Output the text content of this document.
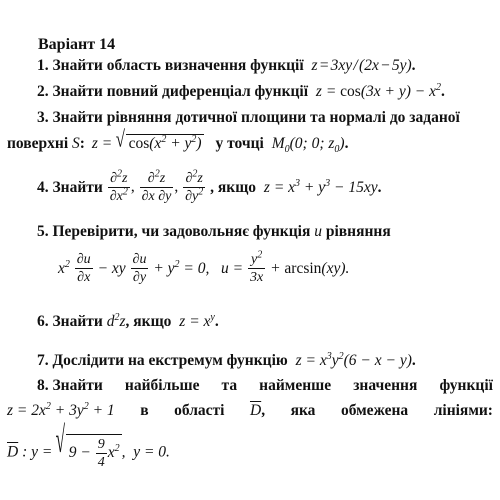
Варіант 14
1. Знайти область визначення функції z = 3xy / (2x − 5y).
2. Знайти повний диференціал функції $z = \cos(3x + y) - x^2$.
3. Знайти рівняння дотичної площини та нормалі до заданої
поверхні S: z = √ $\cos(x^2 + y^2)$ у точці $M_0(0$; 0; $z_0$).
4. Знайти $\frac{\partial^2z}{\partial x^2}$ , $\frac{\partial^2z}{\partial x \partial y}$ , $\frac{\partial^2z}{\partial y^2}$ , якщо $z = x^3 + y^3 - 15xy$.
5. Перевірити, чи задовольняє функція u рівняння
$x^2 \frac{\partial u}{\partial x}$ − xy $\frac{\partial u}{\partial y} + y^2 = 0$,   $u = \frac{y^2}{3x} + \arcsin(xy)$.
6. Знайти $d^2z$, якщо $z = x^y$.
7. Дослідити на екстремум функцію $z = x^3y^2(6 - x - y)$.
8. Знайти найбільше та найменше значення функції
$z = 2x^2 + 3y^2 + 1$ в області $\overline{D}$, яка обмежена лініями:
$\overline{D}$ : y = √ $9 - \frac{9}{4} x^2$ ,  y = 0.
